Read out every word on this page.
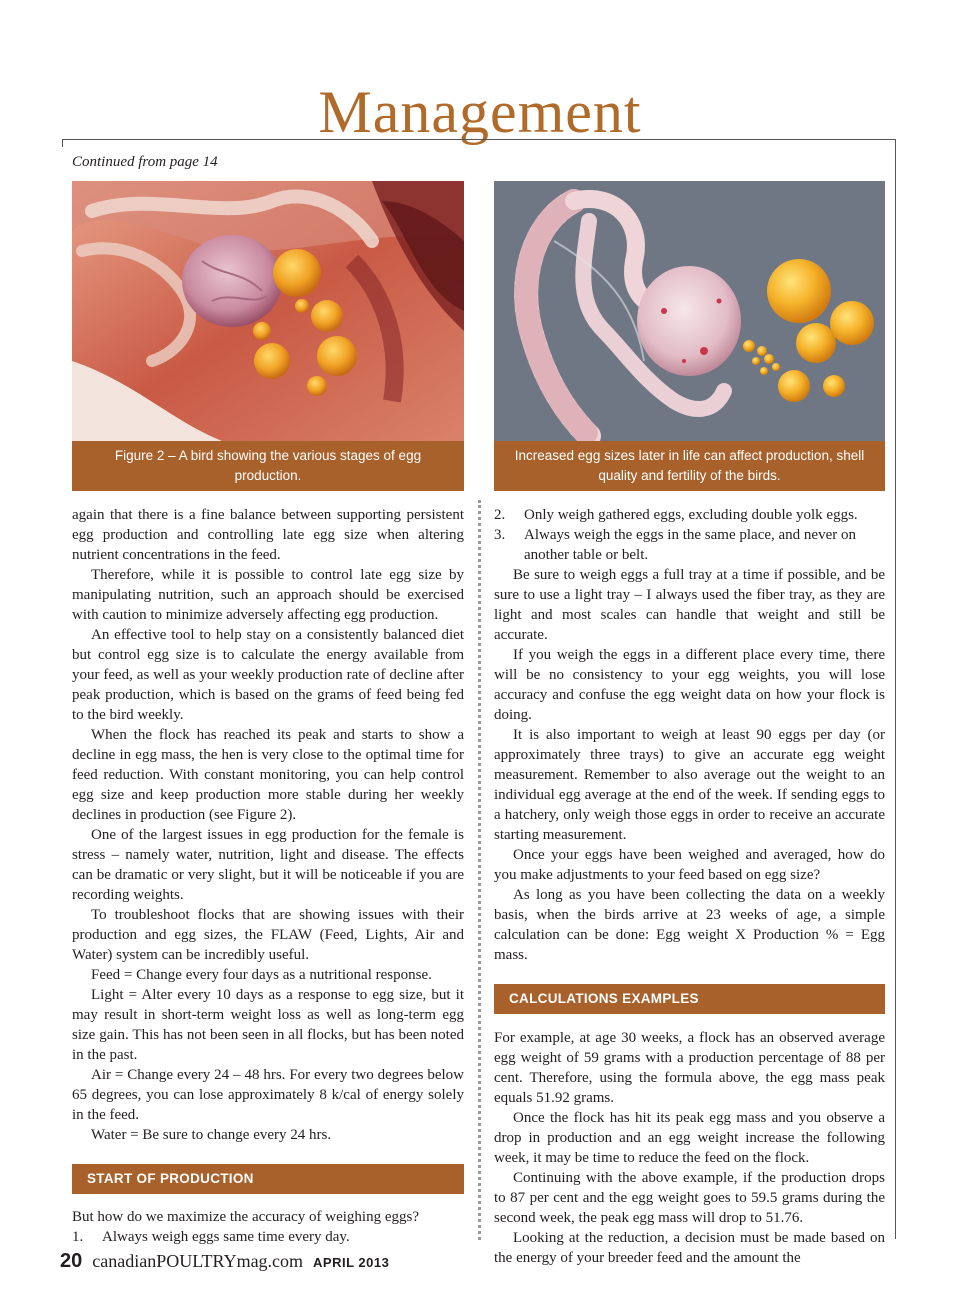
Management
Continued from page 14
Figure 2 – A bird showing the various stages of egg production.
Increased egg sizes later in life can affect production, shell quality and fertility of the birds.

again that there is a fine balance between supporting persistent egg production and controlling late egg size when altering nutrient concentrations in the feed.

Therefore, while it is possible to control late egg size by manipulating nutrition, such an approach should be exercised with caution to minimize adversely affecting egg production.

An effective tool to help stay on a consistently balanced diet but control egg size is to calculate the energy available from your feed, as well as your weekly production rate of decline after peak production, which is based on the grams of feed being fed to the bird weekly.

When the flock has reached its peak and starts to show a decline in egg mass, the hen is very close to the optimal time for feed reduction. With constant monitoring, you can help control egg size and keep production more stable during her weekly declines in production (see Figure 2).

One of the largest issues in egg production for the female is stress – namely water, nutrition, light and disease. The effects can be dramatic or very slight, but it will be noticeable if you are recording weights.

To troubleshoot flocks that are showing issues with their production and egg sizes, the FLAW (Feed, Lights, Air and Water) system can be incredibly useful.

Feed = Change every four days as a nutritional response.

Light = Alter every 10 days as a response to egg size, but it may result in short-term weight loss as well as long-term egg size gain. This has not been seen in all flocks, but has been noted in the past.

Air = Change every 24 – 48 hrs. For every two degrees below 65 degrees, you can lose approximately 8 k/cal of energy solely in the feed.

Water = Be sure to change every 24 hrs.

START OF PRODUCTION

But how do we maximize the accuracy of weighing eggs?

1.	Always weigh eggs same time every day.
2.	Only weigh gathered eggs, excluding double yolk eggs.
3.	Always weigh the eggs in the same place, and never on another table or belt.

Be sure to weigh eggs a full tray at a time if possible, and be sure to use a light tray – I always used the fiber tray, as they are light and most scales can handle that weight and still be accurate.

If you weigh the eggs in a different place every time, there will be no consistency to your egg weights, you will lose accuracy and confuse the egg weight data on how your flock is doing.

It is also important to weigh at least 90 eggs per day (or approximately three trays) to give an accurate egg weight measurement. Remember to also average out the weight to an individual egg average at the end of the week. If sending eggs to a hatchery, only weigh those eggs in order to receive an accurate starting measurement.

Once your eggs have been weighed and averaged, how do you make adjustments to your feed based on egg size?

As long as you have been collecting the data on a weekly basis, when the birds arrive at 23 weeks of age, a simple calculation can be done: Egg weight X Production % = Egg mass.

CALCULATIONS EXAMPLES

For example, at age 30 weeks, a flock has an observed average egg weight of 59 grams with a production percentage of 88 per cent. Therefore, using the formula above, the egg mass peak equals 51.92 grams.

Once the flock has hit its peak egg mass and you observe a drop in production and an egg weight increase the following week, it may be time to reduce the feed on the flock.

Continuing with the above example, if the production drops to 87 per cent and the egg weight goes to 59.5 grams during the second week, the peak egg mass will drop to 51.76.

Looking at the reduction, a decision must be made based on the energy of your breeder feed and the amount the

20 canadianPOULTRYmag.com APRIL 2013
